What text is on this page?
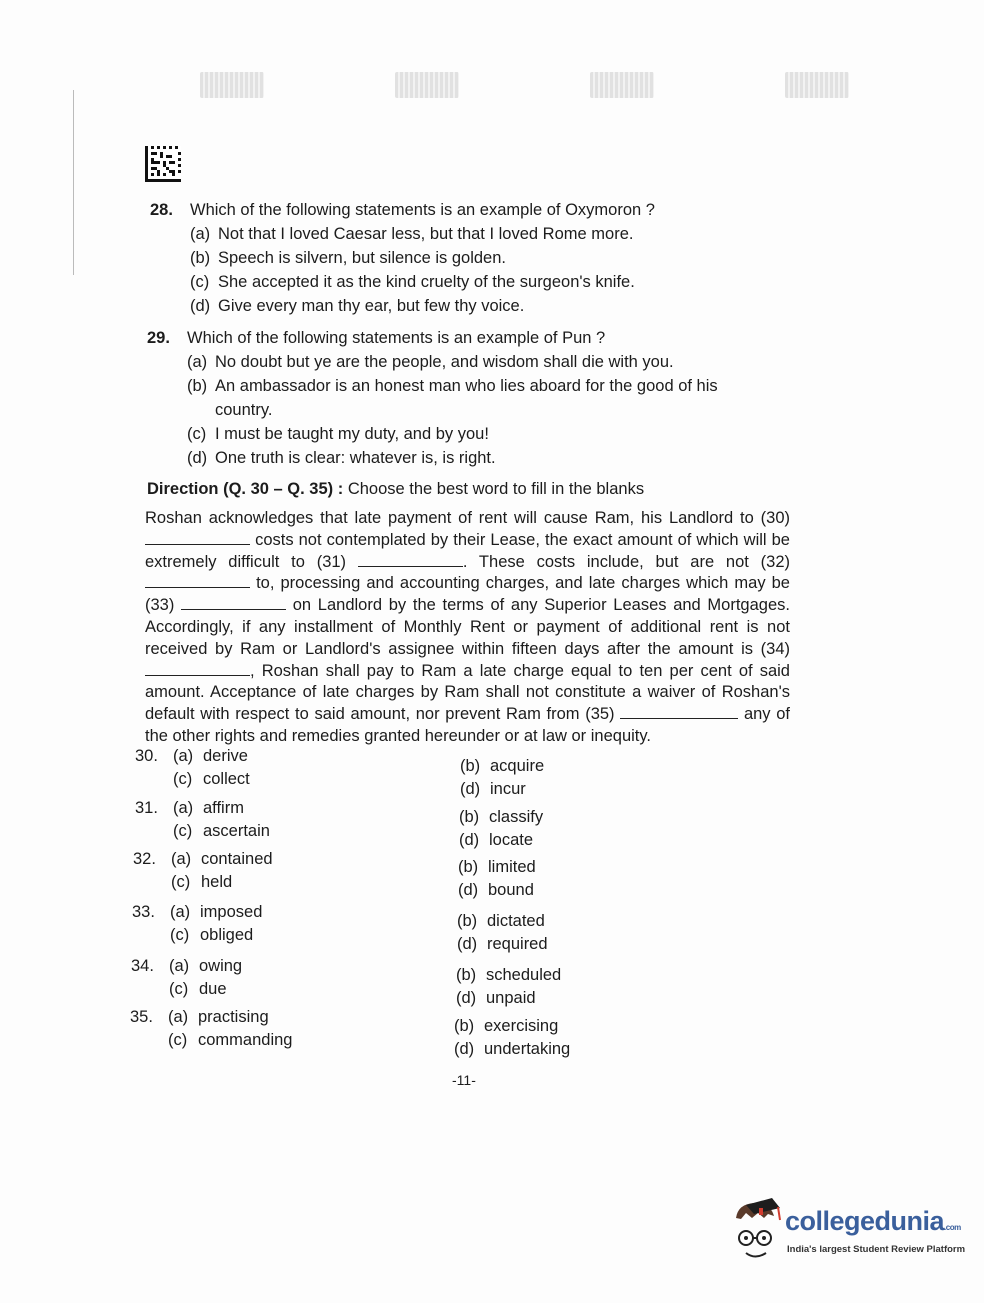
28. Which of the following statements is an example of Oxymoron ?
(a) Not that I loved Caesar less, but that I loved Rome more.
(b) Speech is silvern, but silence is golden.
(c) She accepted it as the kind cruelty of the surgeon's knife.
(d) Give every man thy ear, but few thy voice.
29. Which of the following statements is an example of Pun ?
(a) No doubt but ye are the people, and wisdom shall die with you.
(b) An ambassador is an honest man who lies aboard for the good of his country.
(c) I must be taught my duty, and by you!
(d) One truth is clear: whatever is, is right.
Direction (Q. 30 – Q. 35) : Choose the best word to fill in the blanks
Roshan acknowledges that late payment of rent will cause Ram, his Landlord to (30)  costs not contemplated by their Lease, the exact amount of which will be extremely difficult to (31)	. These costs include, but are not (32)  to, processing and accounting charges, and late charges which may be (33)	on Landlord by the terms of any Superior Leases and Mortgages. Accordingly, if any installment of Monthly Rent or payment of additional rent is not received by Ram or Landlord's assignee within fifteen days after the amount is (34) , Roshan shall pay to Ram a late charge equal to ten per cent of said amount. Acceptance of late charges by Ram shall not constitute a waiver of Roshan's default with respect to said amount, nor prevent Ram from (35)	any of the other rights and remedies granted hereunder or at law or inequity.
30. (a) derive
(c) collect
(b) acquire
(d) incur
31. (a) affirm
(c) ascertain
(b) classify
(d) locate
32. (a) contained
(c) held
(b) limited
(d) bound
33. (a) imposed
(c) obliged
(b) dictated
(d) required
34. (a) owing
(c) due
(b) scheduled
(d) unpaid
35. (a) practising
(c) commanding
(b) exercising
(d) undertaking
-11-
collegedunia.com
India's largest Student Review Platform
